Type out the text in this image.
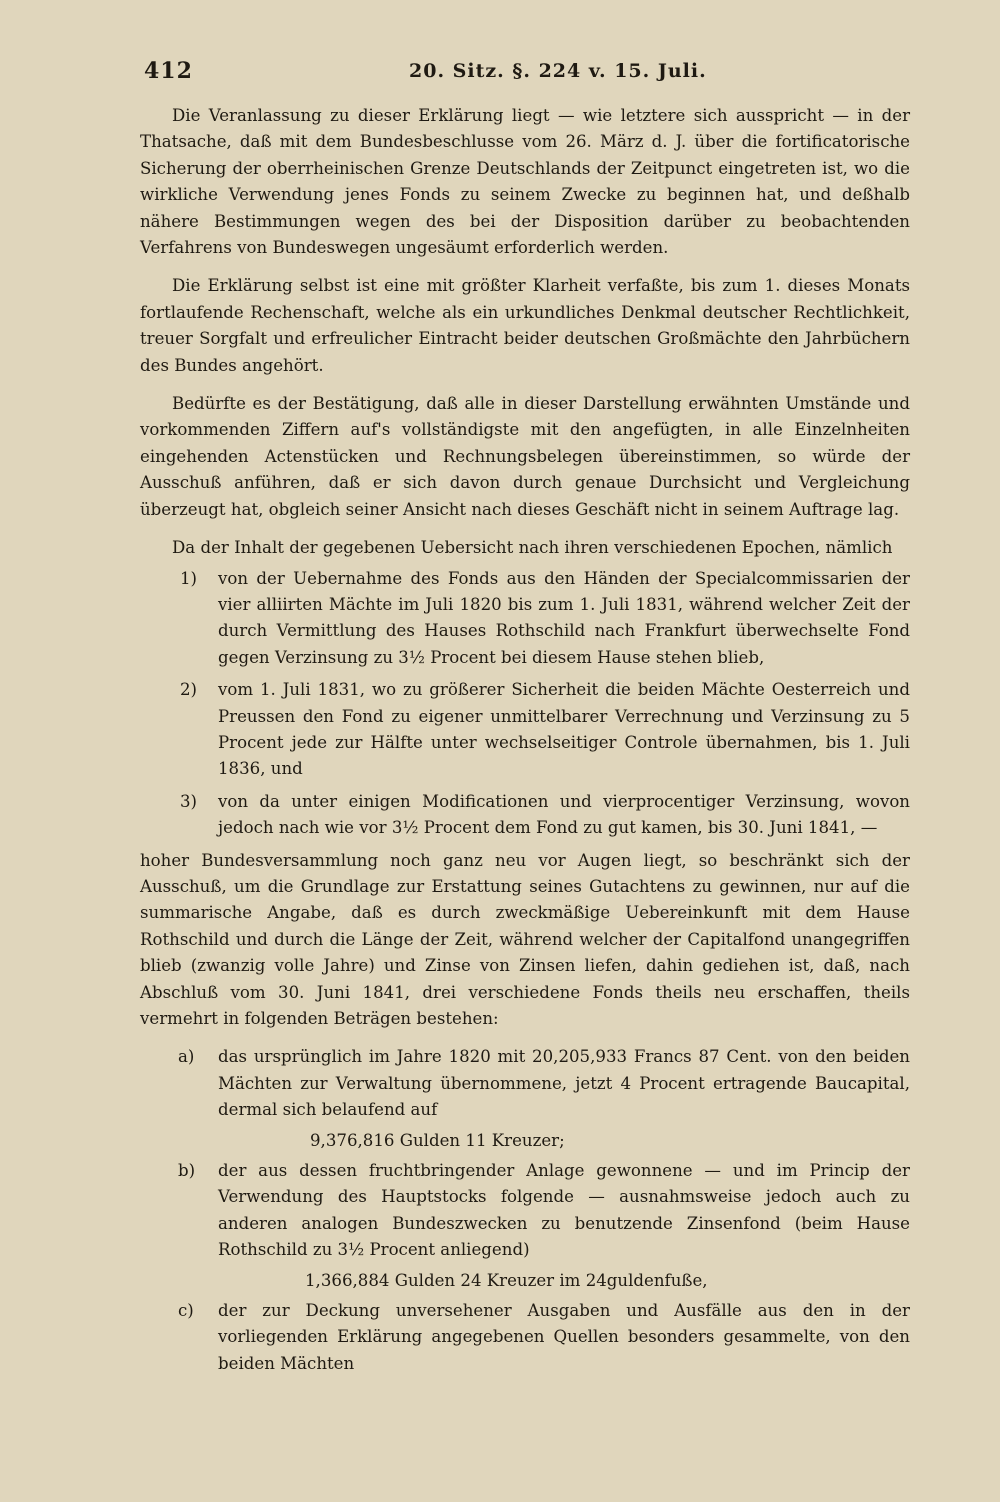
412	20. Sitz. §. 224 v. 15. Juli.

Die Veranlassung zu dieser Erklärung liegt — wie letztere sich ausspricht — in der Thatsache, daß mit dem Bundesbeschlusse vom 26. März d. J. über die fortificatorische Sicherung der oberrheinischen Grenze Deutschlands der Zeitpunct eingetreten ist, wo die wirkliche Verwendung jenes Fonds zu seinem Zwecke zu beginnen hat, und deßhalb nähere Bestimmungen wegen des bei der Disposition darüber zu beobachtenden Verfahrens von Bundeswegen ungesäumt erforderlich werden.

Die Erklärung selbst ist eine mit größter Klarheit verfaßte, bis zum 1. dieses Monats fortlaufende Rechenschaft, welche als ein urkundliches Denkmal deutscher Rechtlichkeit, treuer Sorgfalt und erfreulicher Eintracht beider deutschen Großmächte den Jahrbüchern des Bundes angehört.

Bedürfte es der Bestätigung, daß alle in dieser Darstellung erwähnten Umstände und vorkommenden Ziffern auf's vollständigste mit den angefügten, in alle Einzelnheiten eingehenden Actenstücken und Rechnungsbelegen übereinstimmen, so würde der Ausschuß anführen, daß er sich davon durch genaue Durchsicht und Vergleichung überzeugt hat, obgleich seiner Ansicht nach dieses Geschäft nicht in seinem Auftrage lag.

Da der Inhalt der gegebenen Uebersicht nach ihren verschiedenen Epochen, nämlich

1) von der Uebernahme des Fonds aus den Händen der Specialcommissarien der vier alliirten Mächte im Juli 1820 bis zum 1. Juli 1831, während welcher Zeit der durch Vermittlung des Hauses Rothschild nach Frankfurt überwechselte Fond gegen Verzinsung zu 3½ Procent bei diesem Hause stehen blieb,
2) vom 1. Juli 1831, wo zu größerer Sicherheit die beiden Mächte Oesterreich und Preussen den Fond zu eigener unmittelbarer Verrechnung und Verzinsung zu 5 Procent jede zur Hälfte unter wechselseitiger Controle übernahmen, bis 1. Juli 1836, und
3) von da unter einigen Modificationen und vierprocentiger Verzinsung, wovon jedoch nach wie vor 3½ Procent dem Fond zu gut kamen, bis 30. Juni 1841, —

hoher Bundesversammlung noch ganz neu vor Augen liegt, so beschränkt sich der Ausschuß, um die Grundlage zur Erstattung seines Gutachtens zu gewinnen, nur auf die summarische Angabe, daß es durch zweckmäßige Uebereinkunft mit dem Hause Rothschild und durch die Länge der Zeit, während welcher der Capitalfond unangegriffen blieb (zwanzig volle Jahre) und Zinse von Zinsen liefen, dahin gediehen ist, daß, nach Abschluß vom 30. Juni 1841, drei verschiedene Fonds theils neu erschaffen, theils vermehrt in folgenden Beträgen bestehen:

a) das ursprünglich im Jahre 1820 mit 20,205,933 Francs 87 Cent. von den beiden Mächten zur Verwaltung übernommene, jetzt 4 Procent ertragende Baucapital, dermal sich belaufend auf
9,376,816 Gulden 11 Kreuzer;
b) der aus dessen fruchtbringender Anlage gewonnene — und im Princip der Verwendung des Hauptstocks folgende — ausnahmsweise jedoch auch zu anderen analogen Bundeszwecken zu benutzende Zinsenfond (beim Hause Rothschild zu 3½ Procent anliegend)
1,366,884 Gulden 24 Kreuzer im 24guldenfuße,
c) der zur Deckung unversehener Ausgaben und Ausfälle aus den in der vorliegenden Erklärung angegebenen Quellen besonders gesammelte, von den beiden Mächten
